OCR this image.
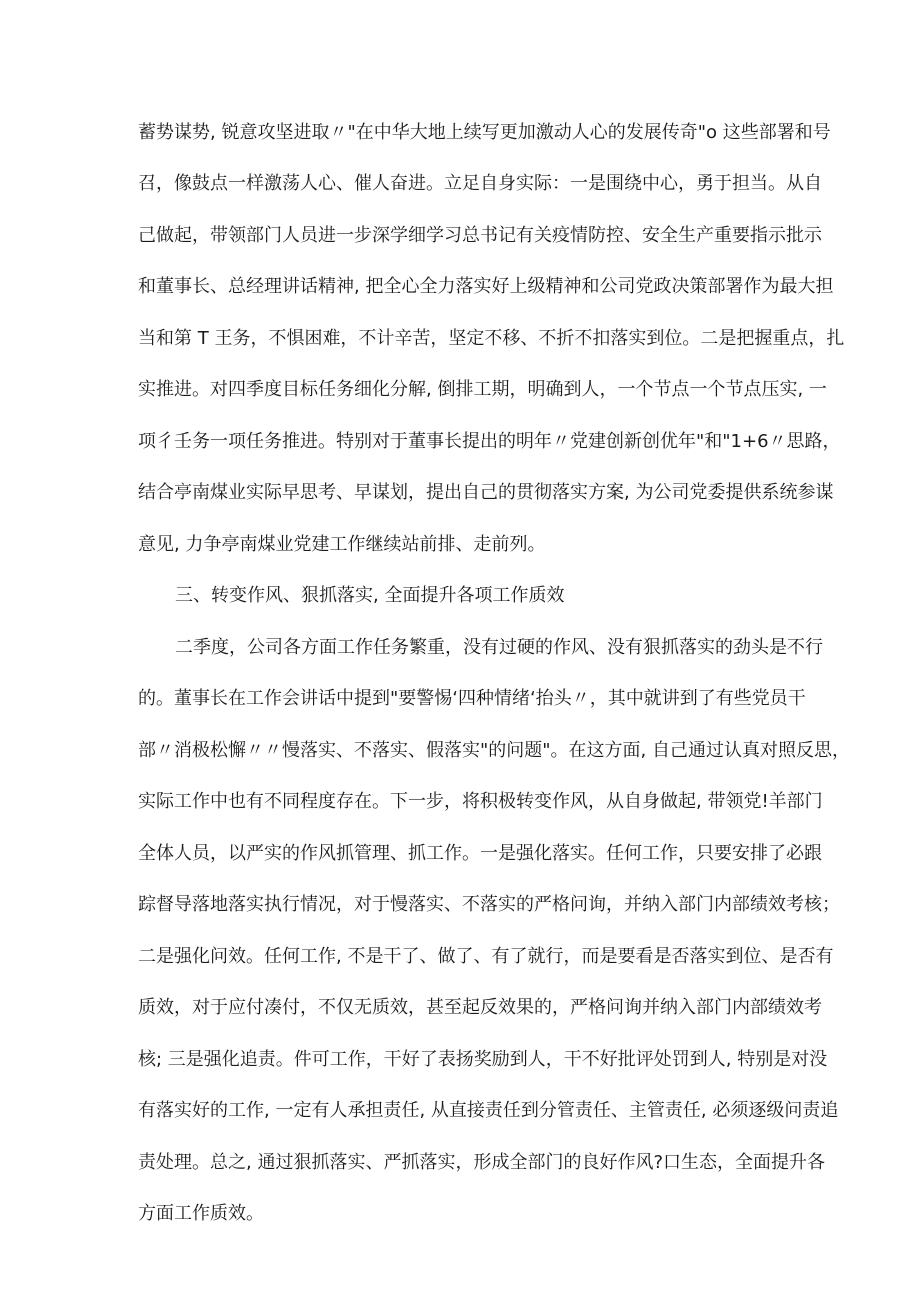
蓄势谋势, 锐意攻坚进取〃"在中华大地上续写更加激动人心的发展传奇"o 这些部署和号
召，像鼓点一样激荡人心、催人奋进。立足自身实际：一是围绕中心，勇于担当。从自
己做起，带领部门人员进一步深学细学习总书记有关疫情防控、安全生产重要指示批示
和董事长、总经理讲话精神, 把全心全力落实好上级精神和公司党政决策部署作为最大担
当和第 T 王务，不惧困难，不计辛苦，坚定不移、不折不扣落实到位。二是把握重点，扎
实推进。对四季度目标任务细化分解, 倒排工期，明确到人，一个节点一个节点压实, 一
项彳壬务一项任务推进。特别对于董事长提出的明年〃党建创新创优年"和"1+6〃思路，
结合亭南煤业实际早思考、早谋划，提出自己的贯彻落实方案, 为公司党委提供系统参谋
意见, 力争亭南煤业党建工作继续站前排、走前列。
三、转变作风、狠抓落实, 全面提升各项工作质效
二季度，公司各方面工作任务繁重，没有过硬的作风、没有狠抓落实的劲头是不行
的。董事长在工作会讲话中提到"要警惕‘四种情绪‘抬头〃，其中就讲到了有些党员干
部〃消极松懈〃〃慢落实、不落实、假落实"的问题"。在这方面, 自己通过认真对照反思，
实际工作中也有不同程度存在。下一步，将积极转变作风，从自身做起, 带领党!羊部门
全体人员，以严实的作风抓管理、抓工作。一是强化落实。任何工作，只要安排了必跟
踪督导落地落实执行情况，对于慢落实、不落实的严格问询，并纳入部门内部绩效考核；
二是强化问效。任何工作, 不是干了、做了、有了就行，而是要看是否落实到位、是否有
质效，对于应付凑付，不仅无质效，甚至起反效果的，严格问询并纳入部门内部绩效考
核; 三是强化追责。件可工作，干好了表扬奖励到人，干不好批评处罚到人, 特别是对没
有落实好的工作, 一定有人承担责任, 从直接责任到分管责任、主管责任, 必须逐级问责追
责处理。总之, 通过狠抓落实、严抓落实，形成全部门的良好作风?口生态，全面提升各
方面工作质效。
